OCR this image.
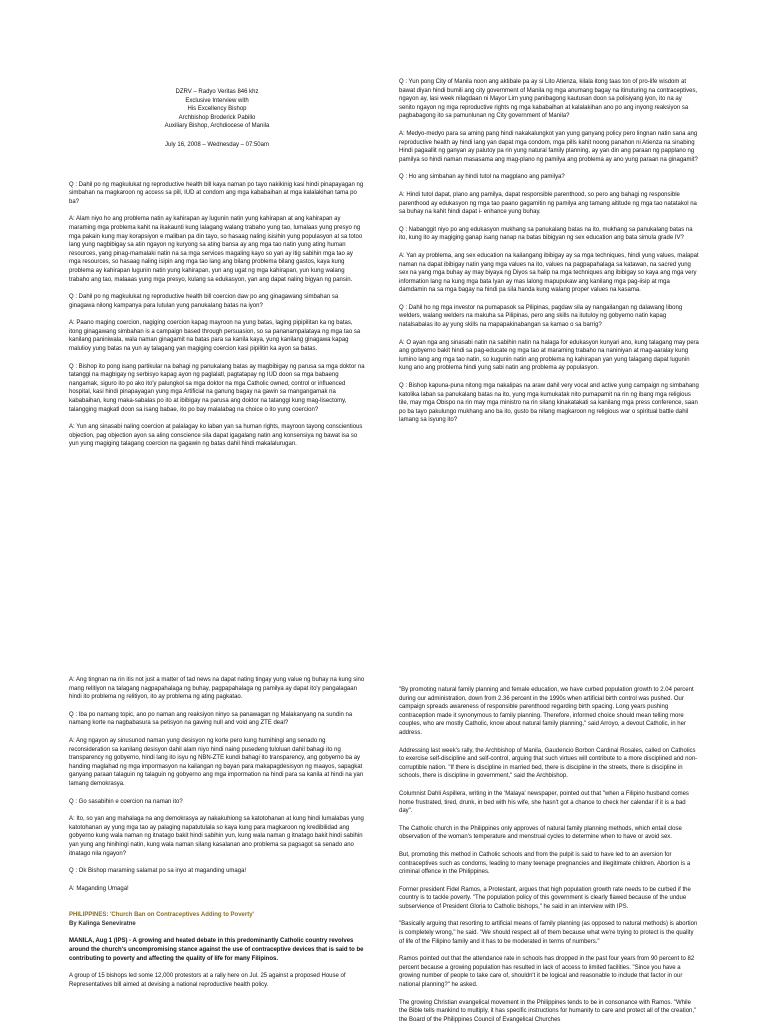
DZRV – Radyo Veritas 846 khz
Exclusive Interview with
His Excellency Bishop
Archbishop Broderick Pabillo
Auxiliary Bishop, Archdiocese of Manila
July 16, 2008 – Wednesday – 07:50am

Q : Dahil po ng magkulukat ng reproductive health bill kaya naman po tayo nakikinig kasi hindi pinapayagan ng simbahan na magkaroon ng access sa pill, IUD at condom ang mga kababaihan at mga kalalakihan tama po ba?

A: Alam niyo ho ang problema natin ay kahirapan ay lugunin natin yung kahirapan at ang kahirapan ay maraming mga problema kahit na ikakaunti kung lalagang walang trabaho yung tao, lumalaas yung presyo ng mga pakain kung may korapsiyon e maliban pa din tayo, so hasaag naling isisihin yung populasyon at sa totoo lang yung nagbibigay sa atin ngayon ng kuryong sa ating bansa ay ang mga tao natin yung ating human resources, yang pinag-mamalaki natin na sa mga services magaling kayo so yan ay itig sabihin mga tao ay mga resources, so hasaag naling isipin ang mga tao lang ang bilang problema bilang gastos, kaya kung problema ay kahirapan lugunin natin yung kahirapan, yun ang ugat ng mga kahirapan, yun kung walang trabaho ang tao, malaaas yung mga presyo, kulang sa edukasyon, yan ang dapat naling bigyan ng pansin.

Q : Dahil po ng magkulukat ng reproductive health bill coercion daw po ang ginagawang simbahan sa ginagawa nilong kampanya para lutulan yung panukalang batas na iyon?

A: Paano maging coercion, nagiging coercion kapag mayroon na yung batas, laging pipipilitan ka ng batas, itong ginagawang simbahan is a campaign based through persuasion, so sa pananampalataya ng mga tao sa kanilang paniniwala, wala naman ginagamit na batas para sa kanila kaya, yung kanilang ginagawa kapag malulioy yung batas na yun ay talagang yan magiging coercion kasi pipilitin ka ayon sa batas.

Q : Bishop ito pong isang partikular na bahagi ng panukalang batas ay magbibigay ng parusa sa mga doktor na tatanggi na magbigay ng serbisyo kapag ayon ng paglalatl, pagtatapay ng IUD doon sa mga babaeng nangamak, siguro ito po ako ito'y palungkol sa mga doktor na mga Catholic owned, control or influenced hospital, kasi hindi pinapayagan yung mga Artificial na ganung bagay na gawin sa mangangamak na kababaihan, kung maka-sabalas po ito at ibibigay na parusa ang doktor na tatanggi kung mag-lisectomy, talangging magkatl doon sa isang babae, ito po bay malalabag na choice o ito yung coercion?

A: Yun ang sinasabi naling coercion at palalagay ko laban yan sa human rights, mayroon tayong conscientious objection, pag objection ayon sa aling conscience sila dapat igagalang natin ang konsensiya ng bawat isa so yun yung magiging talagang coercion na gagawin ng batas dahil hindi makalalurugan.

Q : Yun pong City of Manila noon ang aktibale pa ay si Lito Atienza, kilala itong taas ton of pro-life wisdom at bawat diyan hindi bumili ang city government of Manila ng mga anumang bagay na itinuturing na contraceptives, ngayon ay, lasi week nilagdaan ni Mayor Lim yung panibagong kautusan doon sa polisiyang iyon, ito na ay senito ngayon ng mga reproductive rights ng mga kababaihan at kalalakihan ano po ang inyong reaksiyon sa pagbabagong ito sa pamunlunan ng City government of Manila?

A: Medyo-medyo para sa aming pang hindi nakakalungkot yan yung ganyang policy pero lingnan natin sana ang reproductive health ay hindi lang yan dapat mga condom, mga pills kahit noong panahon ni Atienza na sinabing Hindi pagaallit ng ganyan ay palutoy pa rin yung natural family planning, ay yan din ang paraan ng papplano ng pamilya so hindi naman masasama ang mag-plano ng pamilya ang problema ay ano yung paraan na ginagamit?

Q : Ho ang simbahan ay hindi tutol na magplano ang pamilya?

A: Hindi tutol dapat, plano ang pamilya, dapat responsible parenthood, so pero ang bahagi ng responsible parenthood ay edukasyon ng mga tao paano gagamitin ng pamilya ang tamang aititude ng mga tao natatakol na sa buhay na kahit hindi dapat i- enhance yung buhay.

Q : Nabanggit niyo po ang edukasyon mukhang sa panukalang batas na ito, mukhang sa panukalang batas na ito, kung ito ay magiging ganap isang nanap na batas bibigyan ng sex education ang bata simula grade IV?

A: Yan ay problema, ang sex education na kailangang ibibigay ay sa mga techniques, hindi yung values, malapat naman na dapat ibibigay natin yang mga values na ito, values na pagpapahalaga sa katawan, na sacred yung sex na yang mga buhay ay may biyaya ng Diyos sa halip na mga techniques ang ibibigay so kaya ang mga very information lang na kung mga bata lyan ay mas lalong mapupukaw ang kanilang mga pag-iisip at mga damdamin na sa mga bagay na hindi pa sila handa kung walang proper values na kasama.

Q : Dahil ho ng mga investor na pumapasok sa Pilipinas, pagdaw sila ay nangailangan ng dalawang libong welders, walang welders na makuha sa Pilipinas, pero ang skills na itutuloy ng gobyerno natin kapag natalsabalas ito ay yung skills na mapapakinabangan sa kamao o sa barrig?

A: O ayan nga ang sinasabi natin na sabihin natin na halaga for edukasyon kunyari ano, kung talagang may pera ang gobyerno bakit hindi sa pag-educate ng mga tao at maraming trabaho na naniniyan at mag-aaralay kung lumino lang ang mga tao natin, so kugunin natin ang problema ng kahirapan yan yung talagang dapat lugunin kung ano ang problema hindi yung sabi natin ang problema ay populasyon.

Q : Bishop kapuna-puna nitong mga nakalipas na araw dahil very vocal and active yung campaign ng simbahang katolika laban sa panukalang batas na ito, yung mga kumukatak nito pumapamit na rin ng ibang mga religious tile, may mga Obispo na rin may mga ministro na rin silang kinakatakati sa kanilang mga press conference, saan po ba tayo pakulungo mukhang ano ba ito, gusto ba nilang magkaroon ng religious war o spiritual battle dahil lamang sa isyung ito?

A: Ang tingnan na rin itis not just a matter of tad news na dapat nating tingay yung value ng buhay na kung sino mang relitiyon na talagang nagpapahalaga ng buhay, pagpapahalaga ng pamilya ay dapat ito'y pangalagaan hindi ito problema ng relitiyon, ito ay problema ng ating pagkatao.

Q : Iba po namang topic, ano po naman ang reaksiyon ninyo sa panawagan ng Malakanyang na sundin na namang korte na nagbabasura sa petisyon na gawing null and void ang ZTE deal?

A: Ang ngayon ay sinusunod naman yung desisyon ng korte pero kung humihingi ang senado ng reconsideration sa kanilang desisyon dahil alam niyo hindi naing pusedeng tuloluan dahil bahagi ito ng transparency ng gobyerno, hindi lang ito isyu ng NBN-ZTE kundi bahagi ito transparency, ang gobyerno ba ay handing maglahad ng mga impormasyon na kailangan ng bayan para makapagdesisyon ng maayos, sapagkat ganyang paraan talaguin ng talaguin ng gobyerno ang mga impormation na hindi para sa kanila at hindi na yan lamang demokrasya.

Q : Go sasabihin e coercion na naman ito?

A: Ito, so yan ang mahalaga na ang demokrasya ay nakakuhiong sa katotohanan at kung hindi lumalabas yung katotohanan ay yung mga tao ay palaging napatutulala so kaya kung para magkaroon ng kredibilidad ang gobyerno kung wala naman ng itnatago bakit hindi sabihin yun, kung wala naman g itnatago bakit hindi sabihin yan yung ang hinihingi natin, kung wala naman silang kasalanan ano problema sa pagsagot sa senado ano itnatago nila ngayon?

Q : Ok Bishop maraming salamat po sa inyo at maganding umaga!

A: Maganding Umaga!

PHILIPPINES: 'Church Ban on Contraceptives Adding to Poverty'
By Kalinga Seneviratne

MANILA, Aug 1 (IPS) - A growing and heated debate in this predominantly Catholic country revolves around the church's uncompromising stance against the use of contraceptive devices that is said to be contributing to poverty and affecting the quality of life for many Filipinos.

A group of 15 bishops led some 12,000 protestors at a rally here on Jul. 25 against a proposed House of Representatives bill aimed at devising a national reproductive health policy.

"By promoting natural family planning and female education, we have curbed population growth to 2.04 percent during our administration, down from 2.36 percent in the 1990s when artificial birth control was pushed. Our campaign spreads awareness of responsible parenthood regarding birth spacing. Long years pushing contraception made it synonymous to family planning. Therefore, informed choice should mean telling more couples, who are mostly Catholic, know about natural family planning," said Arroyo, a devout Catholic, in her address.

Addressing last week's rally, the Archbishop of Manila, Gaudencio Borbon Cardinal Rosales, called on Catholics to exercise self-discipline and self-control, arguing that such virtues will contribute to a more disciplined and non-corruptible nation. "If there is discipline in married bed, there is discipline in the streets, there is discipline in schools, there is discipline in government," said the Archbishop.

Columnist Dahli Aspillera, writing in the 'Malaya' newspaper, pointed out that "when a Filipino husband comes home frustrated, tired, drunk, in bed with his wife, she hasn't got a chance to check her calendar if it is a bad day".

The Catholic church in the Philippines only approves of natural family planning methods, which entail close observation of the woman's temperature and menstrual cycles to determine when to have or avoid sex.

But, promoting this method in Catholic schools and from the pulpit is said to have led to an aversion for contraceptives such as condoms, leading to many teenage pregnancies and illegitimate children. Abortion is a criminal offence in the Philippines.

Former president Fidel Ramos, a Protestant, argues that high population growth rate needs to be curbed if the country is to tackle poverty. "The population policy of this government is clearly flawed because of the undue subservience of President Gloria to Catholic bishops," he said in an interview with IPS.

"Basically arguing that resorting to artificial means of family planning (as opposed to natural methods) is abortion is completely wrong," he said. "We should respect all of them because what we're trying to protect is the quality of life of the Filipino family and it has to be moderated in terms of numbers."

Ramos pointed out that the attendance rate in schools has dropped in the past four years from 90 percent to 82 percent because a growing population has resulted in lack of access to limited facilities. "Since you have a growing number of people to take care of, shouldn't it be logical and reasonable to include that factor in our national planning?" he asked.

The growing Christian evangelical movement in the Philippines tends to be in consonance with Ramos. "While the Bible tells mankind to multiply, it has specific instructions for humanity to care and protect all of the creation," the Board of the Philippines Council of Evangelical Churches
